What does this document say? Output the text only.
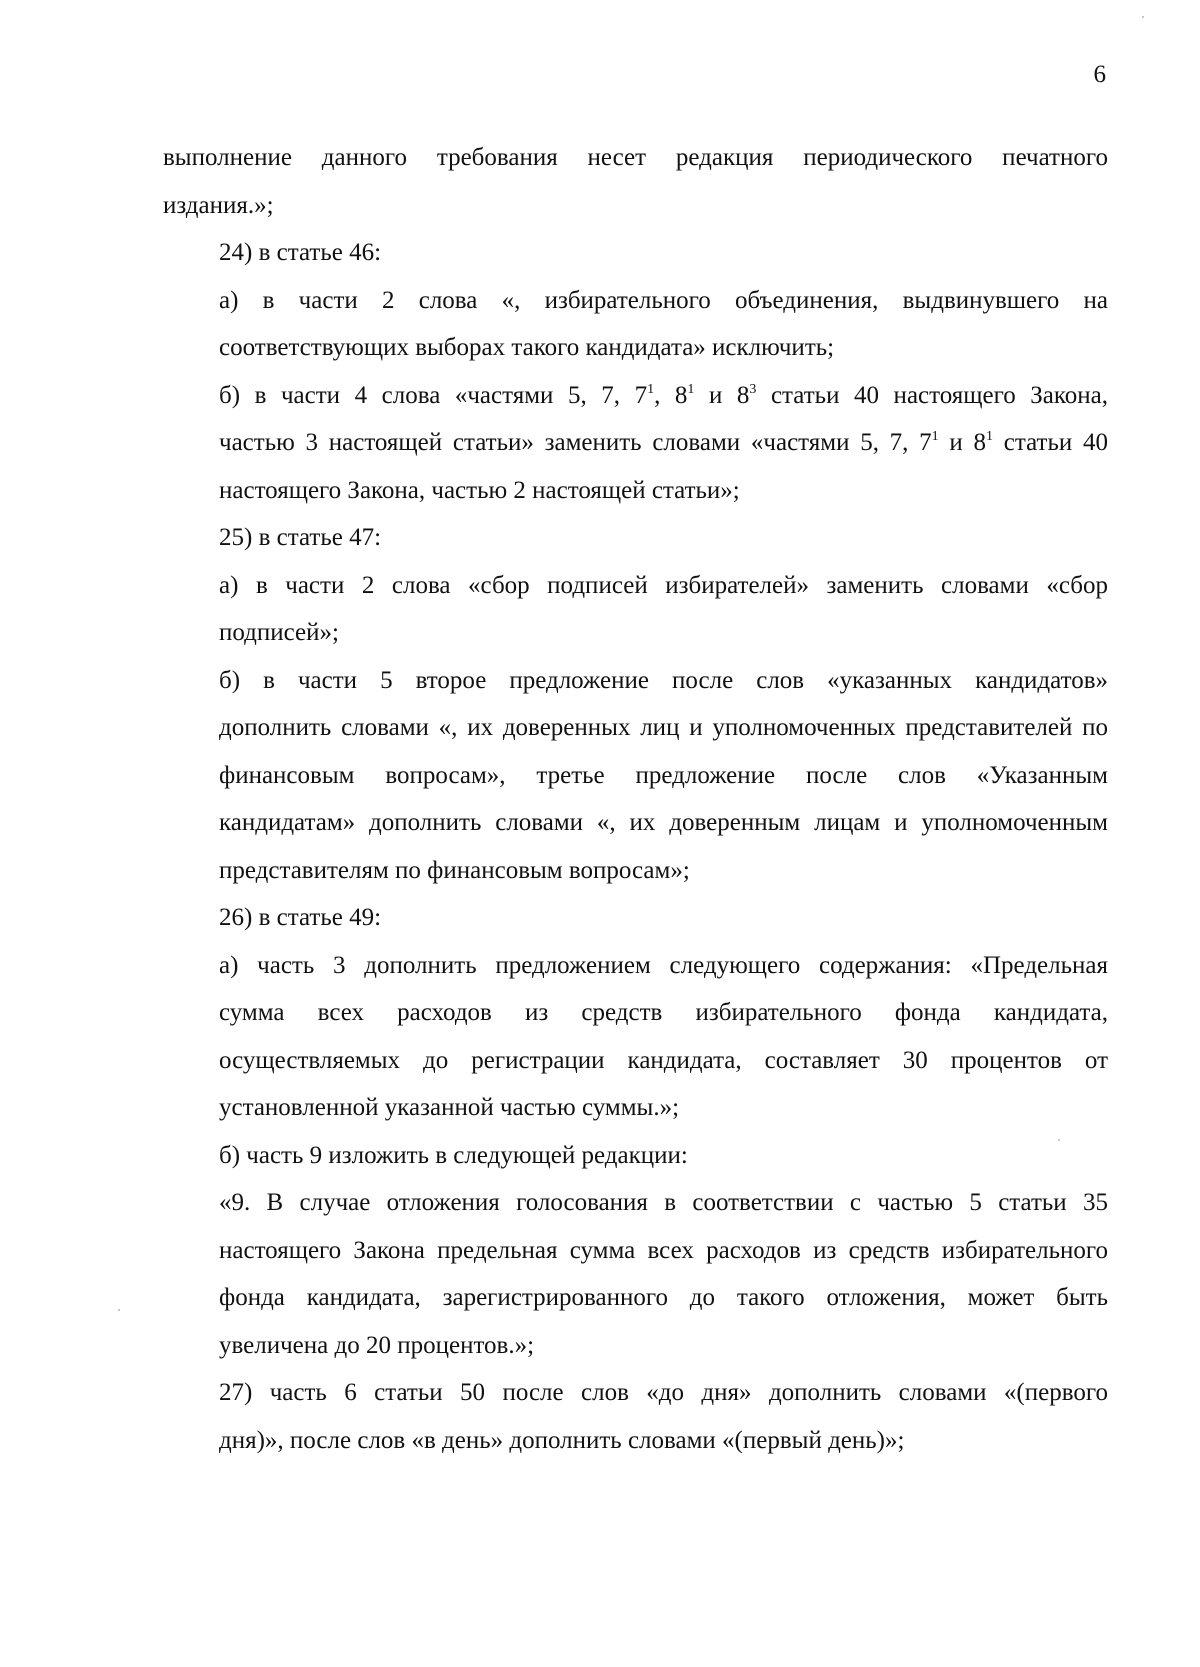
6

выполнение данного требования несет редакция периодического печатного
издания.»;

24) в статье 46:

а) в части 2 слова «, избирательного объединения, выдвинувшего на
соответствующих выборах такого кандидата» исключить;

б) в части 4 слова «частями 5, 7, $7^1$, $8^1$ и $8^3$ статьи 40 настоящего Закона,
частью 3 настоящей статьи» заменить словами «частями 5, 7, $7^1$ и $8^1$ статьи 40
настоящего Закона, частью 2 настоящей статьи»;

25) в статье 47:

а) в части 2 слова «сбор подписей избирателей» заменить словами «сбор
подписей»;

б) в части 5 второе предложение после слов «указанных кандидатов»
дополнить словами «, их доверенных лиц и уполномоченных представителей по
финансовым вопросам», третье предложение после слов «Указанным
кандидатам» дополнить словами «, их доверенным лицам и уполномоченным
представителям по финансовым вопросам»;

26) в статье 49:

а) часть 3 дополнить предложением следующего содержания: «Предельная
сумма всех расходов из средств избирательного фонда кандидата,
осуществляемых до регистрации кандидата, составляет 30 процентов от
установленной указанной частью суммы.»;

б) часть 9 изложить в следующей редакции:

«9. В случае отложения голосования в соответствии с частью 5 статьи 35
настоящего Закона предельная сумма всех расходов из средств избирательного
фонда кандидата, зарегистрированного до такого отложения, может быть
увеличена до 20 процентов.»;

27) часть 6 статьи 50 после слов «до дня» дополнить словами «(первого
дня)», после слов «в день» дополнить словами «(первый день)»;
